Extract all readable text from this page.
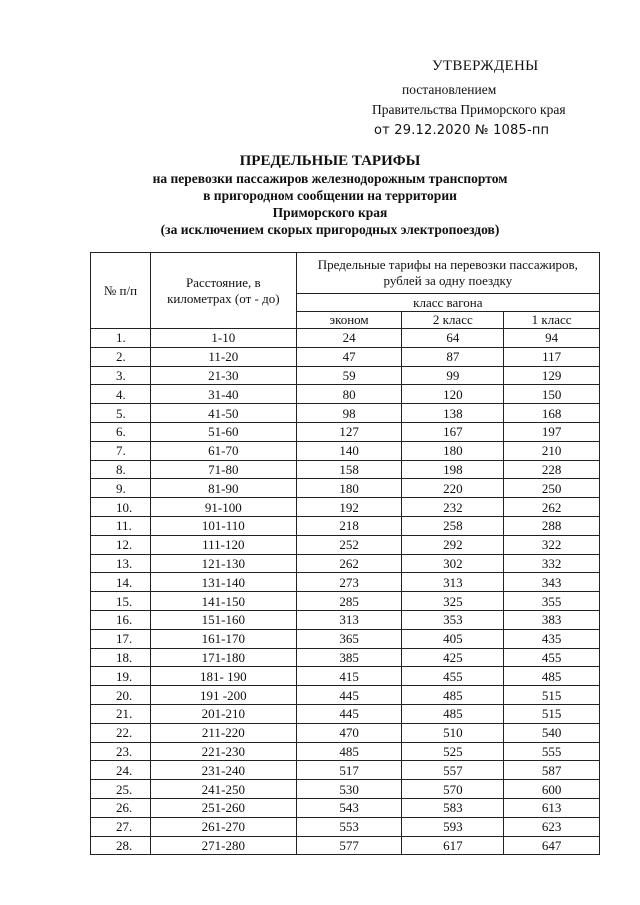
УТВЕРЖДЕНЫ
постановлением
Правительства Приморского края
от 29.12.2020 № 1085-пп
ПРЕДЕЛЬНЫЕ ТАРИФЫ
на перевозки пассажиров железнодорожным транспортом
в пригородном сообщении на территории
Приморского края
(за исключением скорых пригородных электропоездов)
№ п/п	Расстояние, в километрах (от - до)	Предельные тарифы на перевозки пассажиров, рублей за одну поездку		
		класс вагона		
		эконом	2 класс	1 класс
1.	1-10	24	64	94
2.	11-20	47	87	117
3.	21-30	59	99	129
4.	31-40	80	120	150
5.	41-50	98	138	168
6.	51-60	127	167	197
7.	61-70	140	180	210
8.	71-80	158	198	228
9.	81-90	180	220	250
10.	91-100	192	232	262
11.	101-110	218	258	288
12.	111-120	252	292	322
13.	121-130	262	302	332
14.	131-140	273	313	343
15.	141-150	285	325	355
16.	151-160	313	353	383
17.	161-170	365	405	435
18.	171-180	385	425	455
19.	181- 190	415	455	485
20.	191 -200	445	485	515
21.	201-210	445	485	515
22.	211-220	470	510	540
23.	221-230	485	525	555
24.	231-240	517	557	587
25.	241-250	530	570	600
26.	251-260	543	583	613
27.	261-270	553	593	623
28.	271-280	577	617	647
